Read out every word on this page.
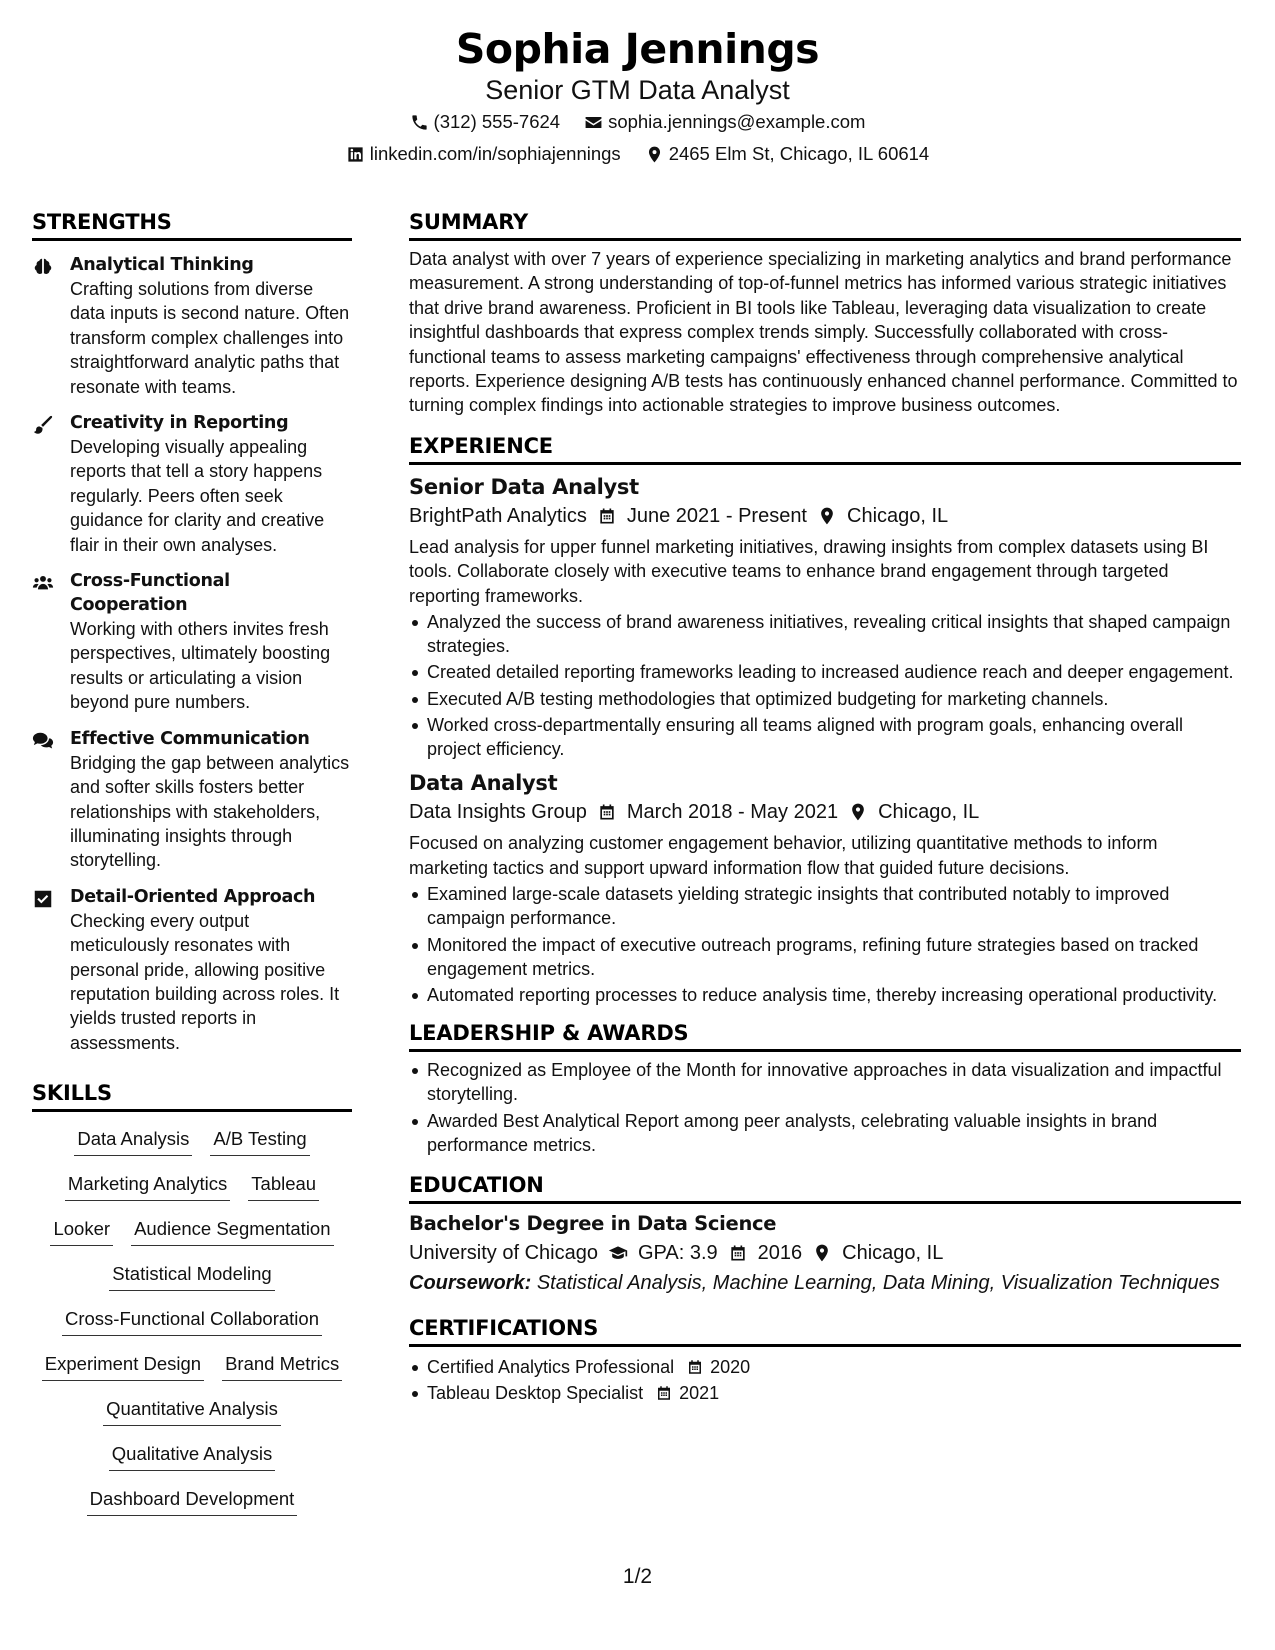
Sophia Jennings
Senior GTM Data Analyst
(312) 555-7624	sophia.jennings@example.com
linkedin.com/in/sophiajennings	2465 Elm St, Chicago, IL 60614
STRENGTHS
Analytical Thinking
Crafting solutions from diverse data inputs is second nature. Often transform complex challenges into straightforward analytic paths that resonate with teams.
Creativity in Reporting
Developing visually appealing reports that tell a story happens regularly. Peers often seek guidance for clarity and creative flair in their own analyses.
Cross-Functional Cooperation
Working with others invites fresh perspectives, ultimately boosting results or articulating a vision beyond pure numbers.
Effective Communication
Bridging the gap between analytics and softer skills fosters better relationships with stakeholders, illuminating insights through storytelling.
Detail-Oriented Approach
Checking every output meticulously resonates with personal pride, allowing positive reputation building across roles. It yields trusted reports in assessments.
SKILLS
Data Analysis A/B Testing
Marketing Analytics Tableau
Looker Audience Segmentation
Statistical Modeling
Cross-Functional Collaboration
Experiment Design Brand Metrics
Quantitative Analysis
Qualitative Analysis
Dashboard Development
SUMMARY
Data analyst with over 7 years of experience specializing in marketing analytics and brand performance measurement. A strong understanding of top-of-funnel metrics has informed various strategic initiatives that drive brand awareness. Proficient in BI tools like Tableau, leveraging data visualization to create insightful dashboards that express complex trends simply. Successfully collaborated with cross-functional teams to assess marketing campaigns' effectiveness through comprehensive analytical reports. Experience designing A/B tests has continuously enhanced channel performance. Committed to turning complex findings into actionable strategies to improve business outcomes.
EXPERIENCE
Senior Data Analyst
BrightPath Analytics June 2021 - Present Chicago, IL
Lead analysis for upper funnel marketing initiatives, drawing insights from complex datasets using BI tools. Collaborate closely with executive teams to enhance brand engagement through targeted reporting frameworks.
Analyzed the success of brand awareness initiatives, revealing critical insights that shaped campaign strategies.
Created detailed reporting frameworks leading to increased audience reach and deeper engagement.
Executed A/B testing methodologies that optimized budgeting for marketing channels.
Worked cross-departmentally ensuring all teams aligned with program goals, enhancing overall project efficiency.
Data Analyst
Data Insights Group March 2018 - May 2021 Chicago, IL
Focused on analyzing customer engagement behavior, utilizing quantitative methods to inform marketing tactics and support upward information flow that guided future decisions.
Examined large-scale datasets yielding strategic insights that contributed notably to improved campaign performance.
Monitored the impact of executive outreach programs, refining future strategies based on tracked engagement metrics.
Automated reporting processes to reduce analysis time, thereby increasing operational productivity.
LEADERSHIP & AWARDS
Recognized as Employee of the Month for innovative approaches in data visualization and impactful storytelling.
Awarded Best Analytical Report among peer analysts, celebrating valuable insights in brand performance metrics.
EDUCATION
Bachelor's Degree in Data Science
University of Chicago GPA: 3.9 2016 Chicago, IL
Coursework: Statistical Analysis, Machine Learning, Data Mining, Visualization Techniques
CERTIFICATIONS
Certified Analytics Professional 2020
Tableau Desktop Specialist 2021
1/2
